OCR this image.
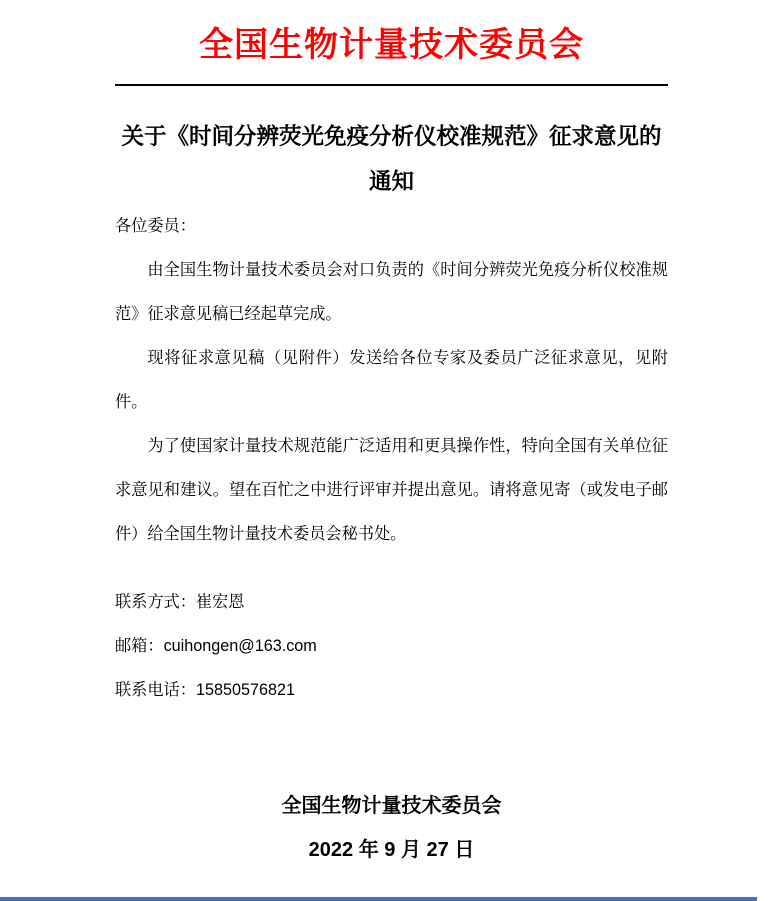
全国生物计量技术委员会
关于《时间分辨荧光免疫分析仪校准规范》征求意见的通知

各位委员：

由全国生物计量技术委员会对口负责的《时间分辨荧光免疫分析仪校准规范》征求意见稿已经起草完成。

现将征求意见稿（见附件）发送给各位专家及委员广泛征求意见，见附件。

为了使国家计量技术规范能广泛适用和更具操作性，特向全国有关单位征求意见和建议。望在百忙之中进行评审并提出意见。请将意见寄（或发电子邮件）给全国生物计量技术委员会秘书处。

联系方式：崔宏恩

邮箱：cuihongen@163.com

联系电话：15850576821

全国生物计量技术委员会

2022 年 9 月 27 日
